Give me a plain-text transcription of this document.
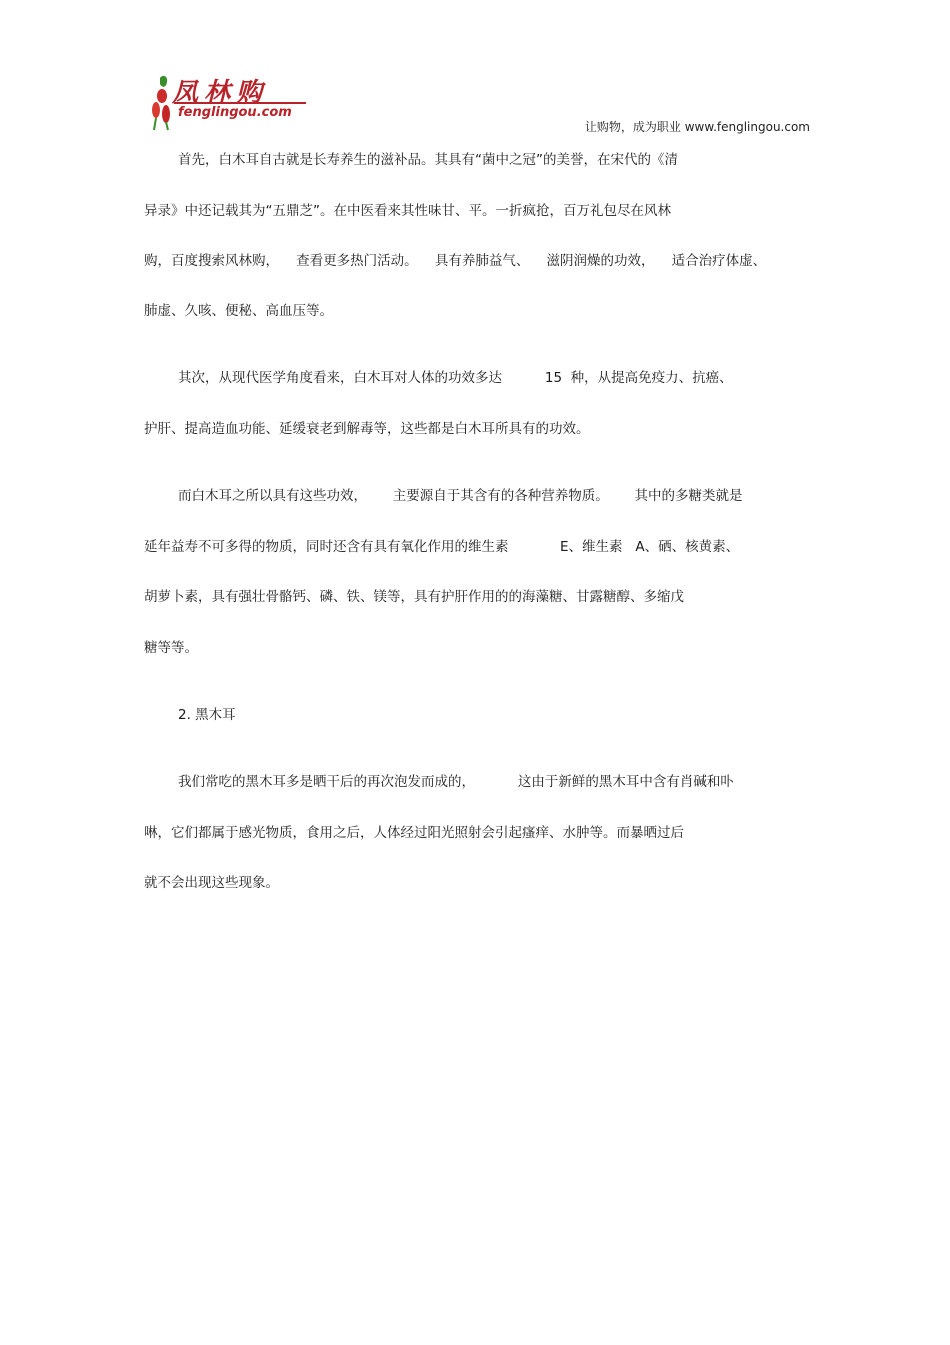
凤林购
fenglingou.com
让购物，成为职业 www.fenglingou.com
首先，白木耳自古就是长寿养生的滋补品。其具有“菌中之冠”的美誉，在宋代的《清
异录》中还记载其为“五鼎芝”。在中医看来其性味甘、平。一折疯抢，百万礼包尽在风林
购，百度搜索风林购，    查看更多热门活动。    具有养肺益气、    滋阴润燥的功效，    适合治疗体虚、
肺虚、久咳、便秘、高血压等。
其次，从现代医学角度看来，白木耳对人体的功效多达          15  种，从提高免疫力、抗癌、
护肝、提高造血功能、延缓衰老到解毒等，这些都是白木耳所具有的功效。
而白木耳之所以具有这些功效，      主要源自于其含有的各种营养物质。      其中的多糖类就是
延年益寿不可多得的物质，同时还含有具有氧化作用的维生素            E、维生素   A、硒、核黄素、
胡萝卜素，具有强壮骨骼钙、磷、铁、镁等，具有护肝作用的的海藻糖、甘露糖醇、多缩戊
糖等等。
2. 黑木耳
我们常吃的黑木耳多是晒干后的再次泡发而成的，          这由于新鲜的黑木耳中含有肖碱和卟
啉，它们都属于感光物质，食用之后，人体经过阳光照射会引起瘙痒、水肿等。而暴晒过后
就不会出现这些现象。
